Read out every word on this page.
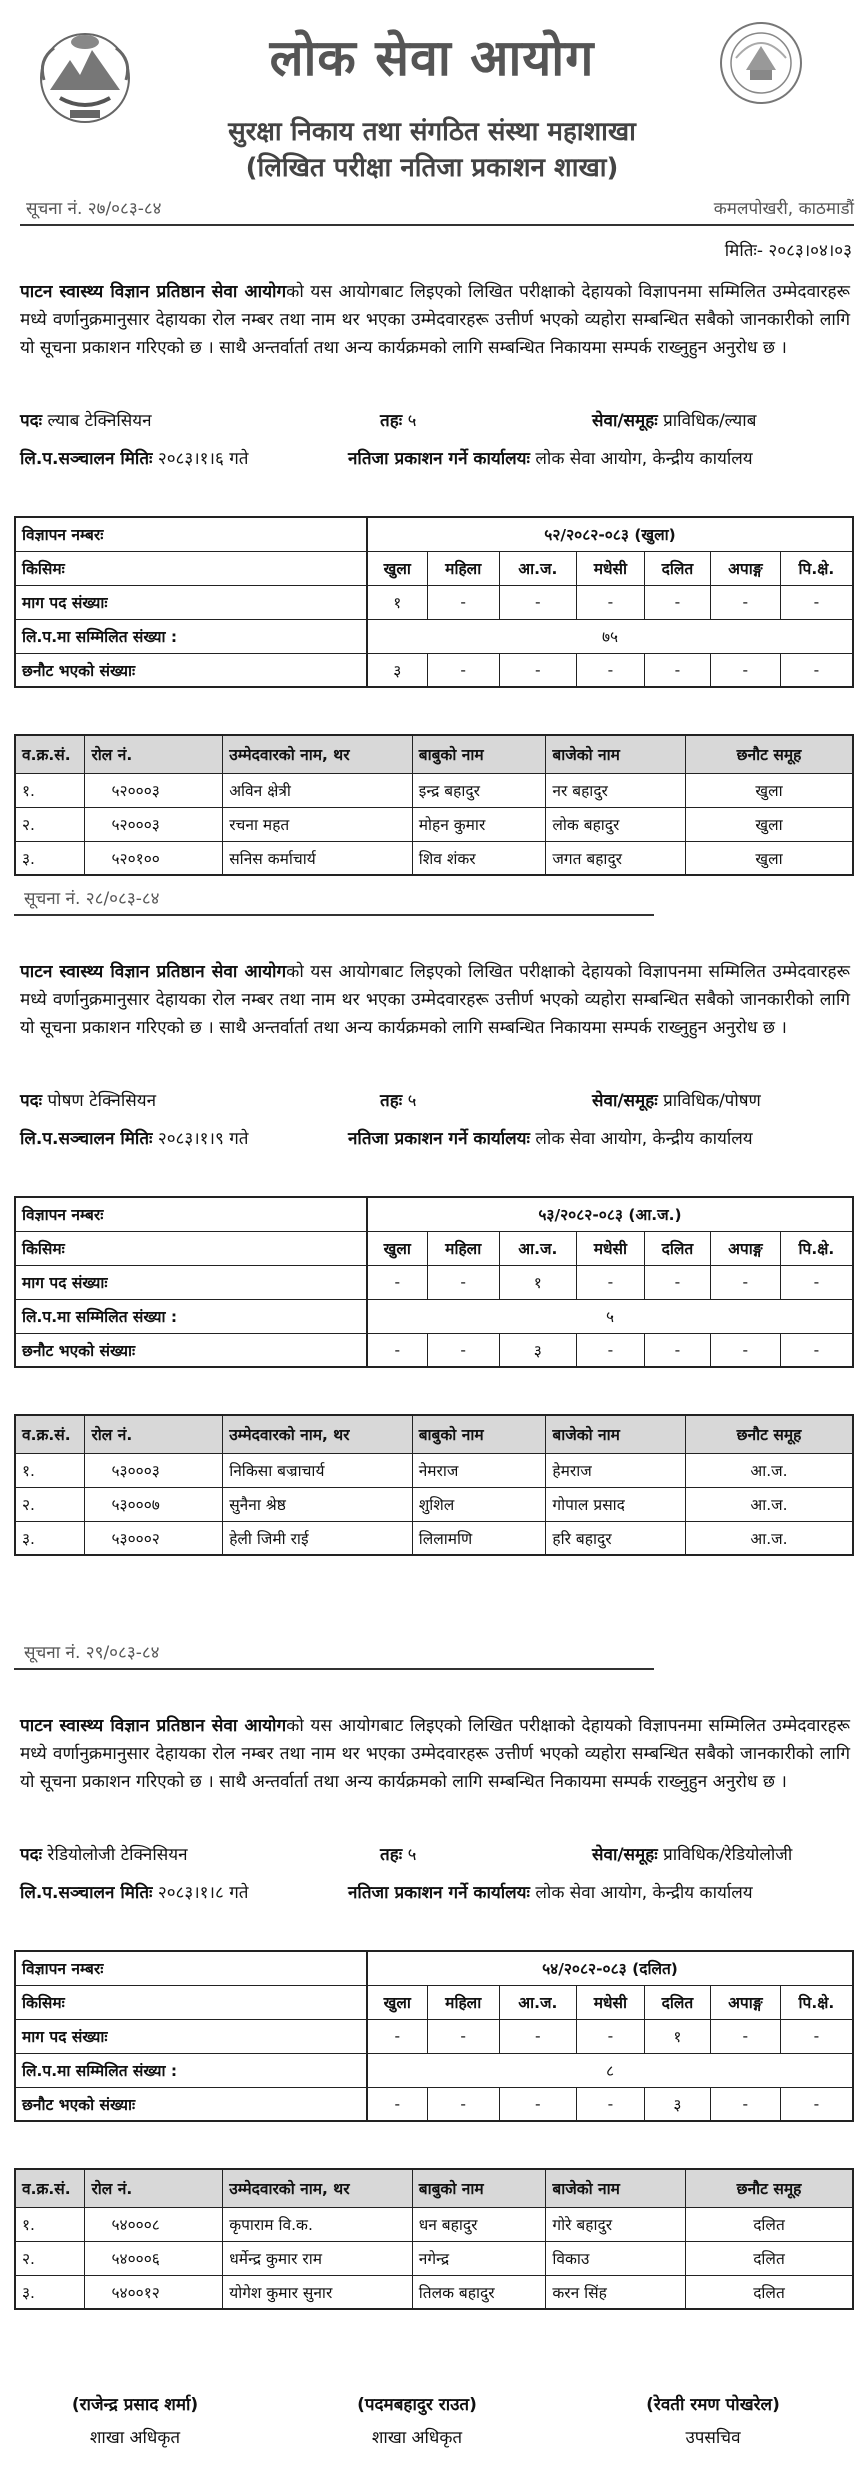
लोक सेवा आयोग
सुरक्षा निकाय तथा संगठित संस्था महाशाखा
(लिखित परीक्षा नतिजा प्रकाशन शाखा)
सूचना नं. २७/०८३-८४	कमलपोखरी, काठमाडौं
मितिः- २०८३।०४।०३
पाटन स्वास्थ्य विज्ञान प्रतिष्ठान सेवा आयोगको यस आयोगबाट लिइएको लिखित परीक्षाको देहायको विज्ञापनमा सम्मिलित उम्मेदवारहरू मध्ये वर्णानुक्रमानुसार देहायका रोल नम्बर तथा नाम थर भएका उम्मेदवारहरू उत्तीर्ण भएको व्यहोरा सम्बन्धित सबैको जानकारीको लागि यो सूचना प्रकाशन गरिएको छ । साथै अन्तर्वार्ता तथा अन्य कार्यक्रमको लागि सम्बन्धित निकायमा सम्पर्क राख्नुहुन अनुरोध छ ।
पदः ल्याब टेक्निसियन	तहः ५	सेवा/समूहः प्राविधिक/ल्याब
लि.प.सञ्चालन मितिः २०८३।१।६ गते	नतिजा प्रकाशन गर्ने कार्यालयः लोक सेवा आयोग, केन्द्रीय कार्यालय
विज्ञापन नम्बरः	५२/२०८२-०८३ (खुला)						
किसिमः	खुला	महिला	आ.ज.	मधेसी	दलित	अपाङ्ग	पि.क्षे.
माग पद संख्याः	१	-	-	-	-	-	-
लि.प.मा सम्मिलित संख्या :	७५						
छनौट भएको संख्याः	३	-	-	-	-	-	-
व.क्र.सं.	रोल नं.	उम्मेदवारको नाम, थर	बाबुको नाम	बाजेको नाम	छनौट समूह
१.	५२०००३	अविन क्षेत्री	इन्द्र बहादुर	नर बहादुर	खुला
२.	५२०००३	रचना महत	मोहन कुमार	लोक बहादुर	खुला
३.	५२०१००	सनिस कर्माचार्य	शिव शंकर	जगत बहादुर	खुला
सूचना नं. २८/०८३-८४
पाटन स्वास्थ्य विज्ञान प्रतिष्ठान सेवा आयोगको यस आयोगबाट लिइएको लिखित परीक्षाको देहायको विज्ञापनमा सम्मिलित उम्मेदवारहरू मध्ये वर्णानुक्रमानुसार देहायका रोल नम्बर तथा नाम थर भएका उम्मेदवारहरू उत्तीर्ण भएको व्यहोरा सम्बन्धित सबैको जानकारीको लागि यो सूचना प्रकाशन गरिएको छ । साथै अन्तर्वार्ता तथा अन्य कार्यक्रमको लागि सम्बन्धित निकायमा सम्पर्क राख्नुहुन अनुरोध छ ।
पदः पोषण टेक्निसियन	तहः ५	सेवा/समूहः प्राविधिक/पोषण
लि.प.सञ्चालन मितिः २०८३।१।९ गते	नतिजा प्रकाशन गर्ने कार्यालयः लोक सेवा आयोग, केन्द्रीय कार्यालय
विज्ञापन नम्बरः	५३/२०८२-०८३ (आ.ज.)						
किसिमः	खुला	महिला	आ.ज.	मधेसी	दलित	अपाङ्ग	पि.क्षे.
माग पद संख्याः	-	-	१	-	-	-	-
लि.प.मा सम्मिलित संख्या :	५						
छनौट भएको संख्याः	-	-	३	-	-	-	-
व.क्र.सं.	रोल नं.	उम्मेदवारको नाम, थर	बाबुको नाम	बाजेको नाम	छनौट समूह
१.	५३०००३	निकिसा बज्राचार्य	नेमराज	हेमराज	आ.ज.
२.	५३०००७	सुनैना श्रेष्ठ	शुशिल	गोपाल प्रसाद	आ.ज.
३.	५३०००२	हेली जिमी राई	लिलामणि	हरि बहादुर	आ.ज.
सूचना नं. २९/०८३-८४
पाटन स्वास्थ्य विज्ञान प्रतिष्ठान सेवा आयोगको यस आयोगबाट लिइएको लिखित परीक्षाको देहायको विज्ञापनमा सम्मिलित उम्मेदवारहरू मध्ये वर्णानुक्रमानुसार देहायका रोल नम्बर तथा नाम थर भएका उम्मेदवारहरू उत्तीर्ण भएको व्यहोरा सम्बन्धित सबैको जानकारीको लागि यो सूचना प्रकाशन गरिएको छ । साथै अन्तर्वार्ता तथा अन्य कार्यक्रमको लागि सम्बन्धित निकायमा सम्पर्क राख्नुहुन अनुरोध छ ।
पदः रेडियोलोजी टेक्निसियन	तहः ५	सेवा/समूहः प्राविधिक/रेडियोलोजी
लि.प.सञ्चालन मितिः २०८३।१।८ गते	नतिजा प्रकाशन गर्ने कार्यालयः लोक सेवा आयोग, केन्द्रीय कार्यालय
विज्ञापन नम्बरः	५४/२०८२-०८३ (दलित)						
किसिमः	खुला	महिला	आ.ज.	मधेसी	दलित	अपाङ्ग	पि.क्षे.
माग पद संख्याः	-	-	-	-	१	-	-
लि.प.मा सम्मिलित संख्या :	८						
छनौट भएको संख्याः	-	-	-	-	३	-	-
व.क्र.सं.	रोल नं.	उम्मेदवारको नाम, थर	बाबुको नाम	बाजेको नाम	छनौट समूह
१.	५४०००८	कृपाराम वि.क.	धन बहादुर	गोरे बहादुर	दलित
२.	५४०००६	धर्मेन्द्र कुमार राम	नगेन्द्र	विकाउ	दलित
३.	५४००१२	योगेश कुमार सुनार	तिलक बहादुर	करन सिंह	दलित
(राजेन्द्र प्रसाद शर्मा)
शाखा अधिकृत
(पदमबहादुर राउत)
शाखा अधिकृत
(रेवती रमण पोखरेल)
उपसचिव
